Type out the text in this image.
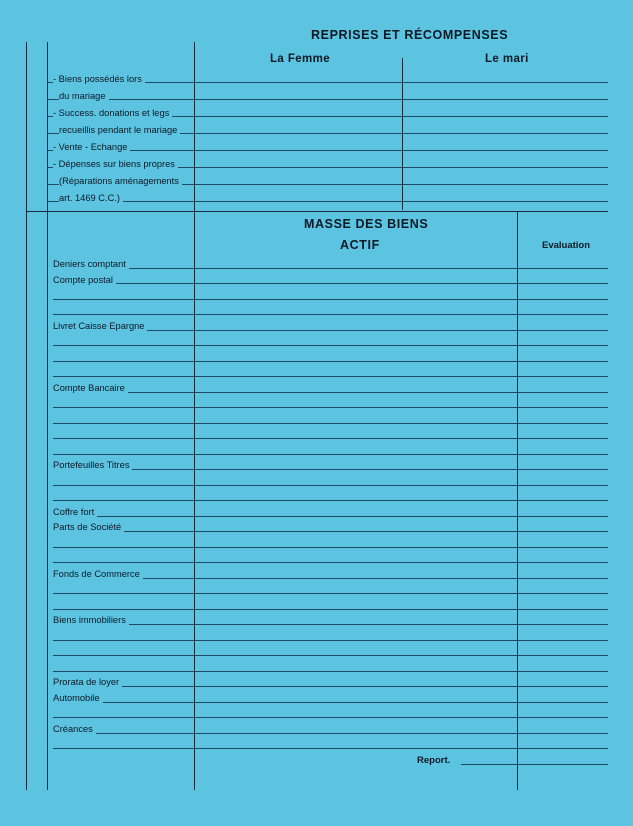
REPRISES ET RÉCOMPENSES
La Femme	Le mari
- Biens possédés lors
du mariage
- Success. donations et legs
recueillis pendant le mariage
- Vente - Echange
- Dépenses sur biens propres
(Réparations aménagements
art. 1469 C.C.)
MASSE DES BIENS
ACTIF	Evaluation
Deniers comptant
Compte postal
Livret Caisse Epargne
Compte Bancaire
Portefeuilles Titres
Coffre fort
Parts de Société
Fonds de Commerce
Biens immobiliers
Prorata de loyer
Automobile
Créances
Report.
